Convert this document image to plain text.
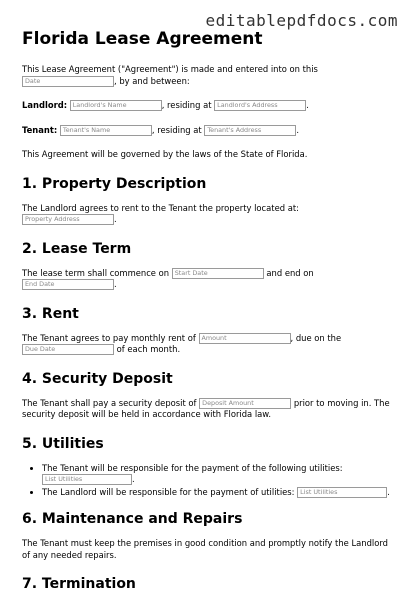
editablepdfdocs.com
Florida Lease Agreement

This Lease Agreement ("Agreement") is made and entered into on this
Date	, by and between:

Landlord: Landlord's Name	, residing at Landlord's Address	.

Tenant: Tenant's Name	, residing at Tenant's Address	.

This Agreement will be governed by the laws of the State of Florida.

1. Property Description

The Landlord agrees to rent to the Tenant the property located at: Property Address	.

2. Lease Term

The lease term shall commence on Start Date	and end on
End Date	.

3. Rent

The Tenant agrees to pay monthly rent of Amount	, due on the
Due Date	of each month.

4. Security Deposit

The Tenant shall pay a security deposit of Deposit Amount	prior to moving in. The security deposit will be held in accordance with Florida law.

5. Utilities
• The Tenant will be responsible for the payment of the following utilities:
List Utilities	.
• The Landlord will be responsible for the payment of utilities: List Utilities	.
6. Maintenance and Repairs

The Tenant must keep the premises in good condition and promptly notify the Landlord of any needed repairs.

7. Termination
